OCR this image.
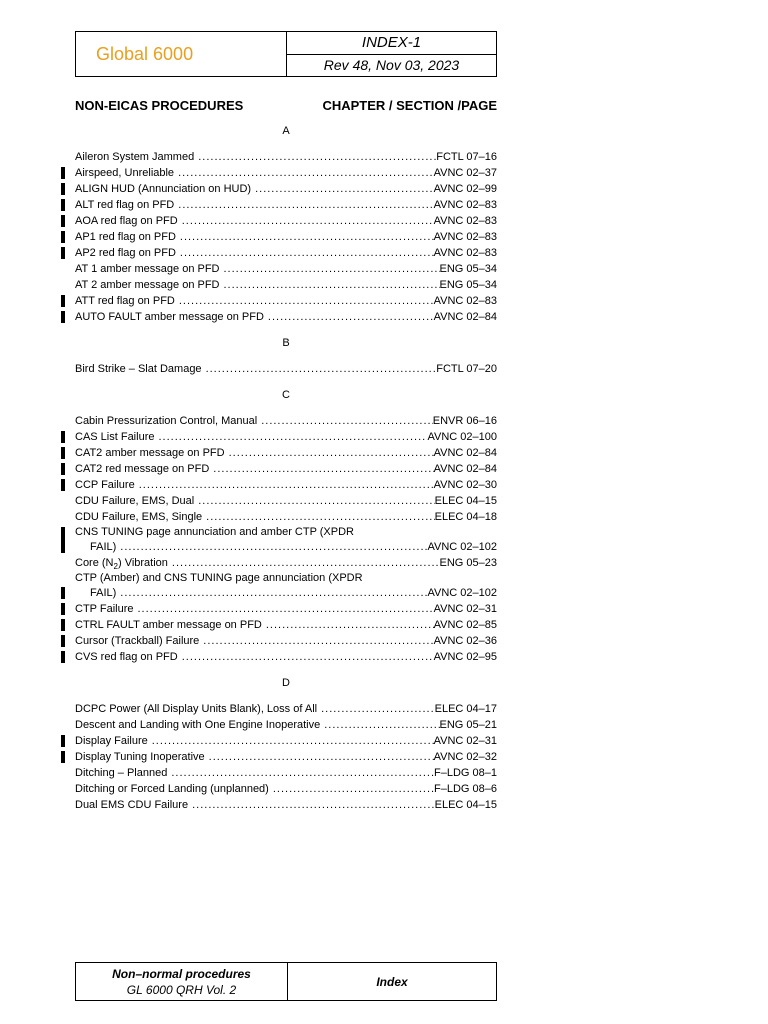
Global 6000
INDEX-1
Rev 48, Nov 03, 2023
NON-EICAS PROCEDURES	CHAPTER / SECTION /PAGE
A
Aileron System Jammed .....	FCTL 07–16
Airspeed, Unreliable .....	AVNC 02–37
ALIGN HUD (Annunciation on HUD) .....	AVNC 02–99
ALT red flag on PFD .....	AVNC 02–83
AOA red flag on PFD .....	AVNC 02–83
AP1 red flag on PFD .....	AVNC 02–83
AP2 red flag on PFD .....	AVNC 02–83
AT 1 amber message on PFD .....	ENG 05–34
AT 2 amber message on PFD .....	ENG 05–34
ATT red flag on PFD .....	AVNC 02–83
AUTO FAULT amber message on PFD .....	AVNC 02–84
B
Bird Strike – Slat Damage .....	FCTL 07–20
C
Cabin Pressurization Control, Manual .....	ENVR 06–16
CAS List Failure .....	AVNC 02–100
CAT2 amber message on PFD .....	AVNC 02–84
CAT2 red message on PFD .....	AVNC 02–84
CCP Failure .....	AVNC 02–30
CDU Failure, EMS, Dual .....	ELEC 04–15
CDU Failure, EMS, Single .....	ELEC 04–18
CNS TUNING page annunciation and amber CTP (XPDR
FAIL) .....	AVNC 02–102
Core $(N_2)$ Vibration .....	ENG 05–23
CTP (Amber) and CNS TUNING page annunciation (XPDR
FAIL) .....	AVNC 02–102
CTP Failure .....	AVNC 02–31
CTRL FAULT amber message on PFD .....	AVNC 02–85
Cursor (Trackball) Failure .....	AVNC 02–36
CVS red flag on PFD .....	AVNC 02–95
D
DCPC Power (All Display Units Blank), Loss of All .....	ELEC 04–17
Descent and Landing with One Engine Inoperative .....	ENG 05–21
Display Failure .....	AVNC 02–31
Display Tuning Inoperative .....	AVNC 02–32
Ditching – Planned .....	F–LDG 08–1
Ditching or Forced Landing (unplanned) .....	F–LDG 08–6
Dual EMS CDU Failure .....	ELEC 04–15
Non–normal procedures
GL 6000 QRH Vol. 2
Index
